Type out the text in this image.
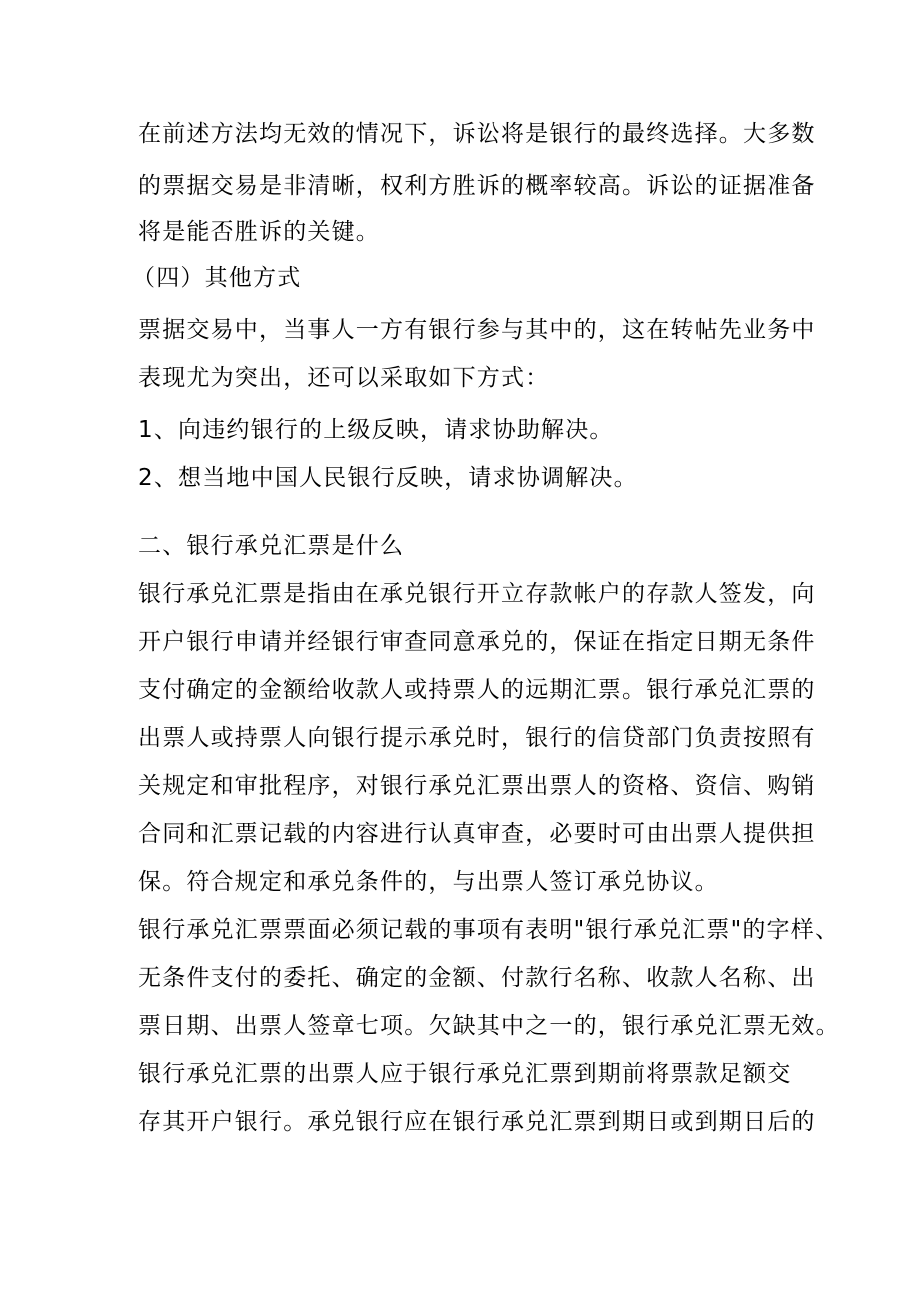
在前述方法均无效的情况下，诉讼将是银行的最终选择。大多数
的票据交易是非清晰，权利方胜诉的概率较高。诉讼的证据准备
将是能否胜诉的关键。
（四）其他方式
票据交易中，当事人一方有银行参与其中的，这在转帖先业务中
表现尤为突出，还可以采取如下方式：
1、向违约银行的上级反映，请求协助解决。
2、想当地中国人民银行反映，请求协调解决。
二、银行承兑汇票是什么
银行承兑汇票是指由在承兑银行开立存款帐户的存款人签发，向
开户银行申请并经银行审查同意承兑的，保证在指定日期无条件
支付确定的金额给收款人或持票人的远期汇票。银行承兑汇票的
出票人或持票人向银行提示承兑时，银行的信贷部门负责按照有
关规定和审批程序，对银行承兑汇票出票人的资格、资信、购销
合同和汇票记载的内容进行认真审查，必要时可由出票人提供担
保。符合规定和承兑条件的，与出票人签订承兑协议。
银行承兑汇票票面必须记载的事项有表明"银行承兑汇票"的字样、
无条件支付的委托、确定的金额、付款行名称、收款人名称、出
票日期、出票人签章七项。欠缺其中之一的，银行承兑汇票无效。
银行承兑汇票的出票人应于银行承兑汇票到期前将票款足额交
存其开户银行。承兑银行应在银行承兑汇票到期日或到期日后的
